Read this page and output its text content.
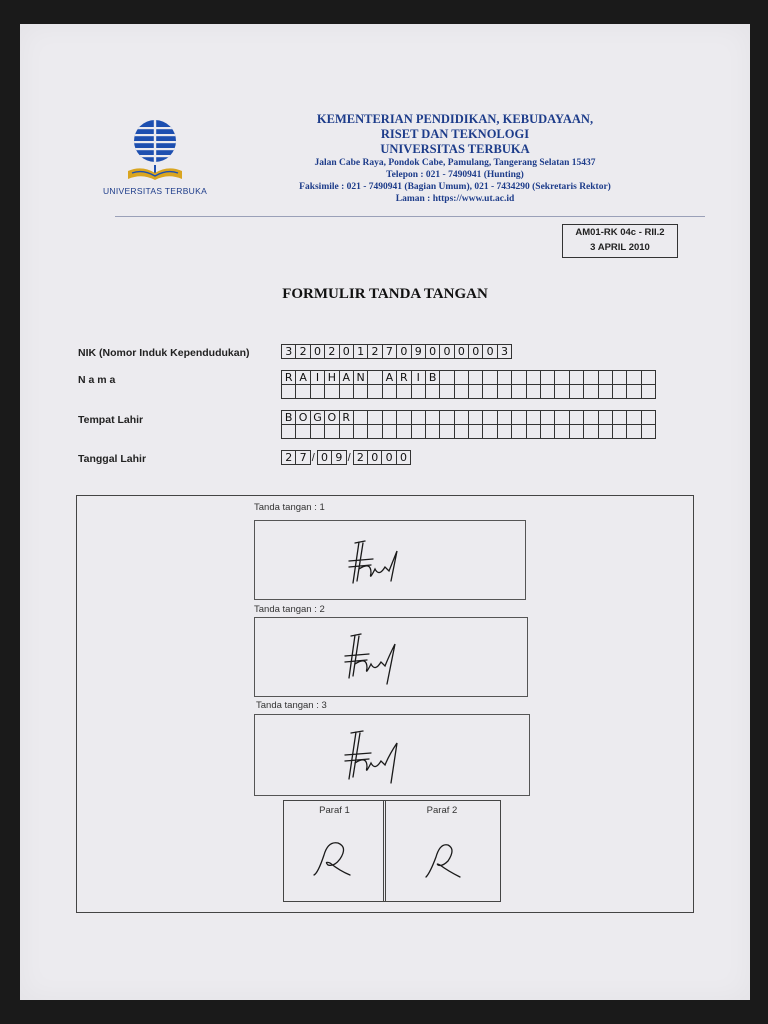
UNIVERSITAS TERBUKA
KEMENTERIAN PENDIDIKAN, KEBUDAYAAN,
RISET DAN TEKNOLOGI
UNIVERSITAS TERBUKA
Jalan Cabe Raya, Pondok Cabe, Pamulang, Tangerang Selatan 15437
Telepon : 021 - 7490941 (Hunting)
Faksimile : 021 - 7490941 (Bagian Umum), 021 - 7434290 (Sekretaris Rektor)
Laman : https://www.ut.ac.id
AM01-RK 04c - RII.2
3 APRIL 2010
FORMULIR TANDA TANGAN
NIK (Nomor Induk Kependudukan)	3 2 0 2 0 1 2 7 0 9 0 0 0 0 0 3
N a m a	R A I H A N	A R I B
Tempat Lahir	B O G O R
Tanggal Lahir	2 7 / 0 9 / 2 0 0 0
Tanda tangan : 1
Tanda tangan : 2
Tanda tangan : 3
Paraf 1	Paraf 2
